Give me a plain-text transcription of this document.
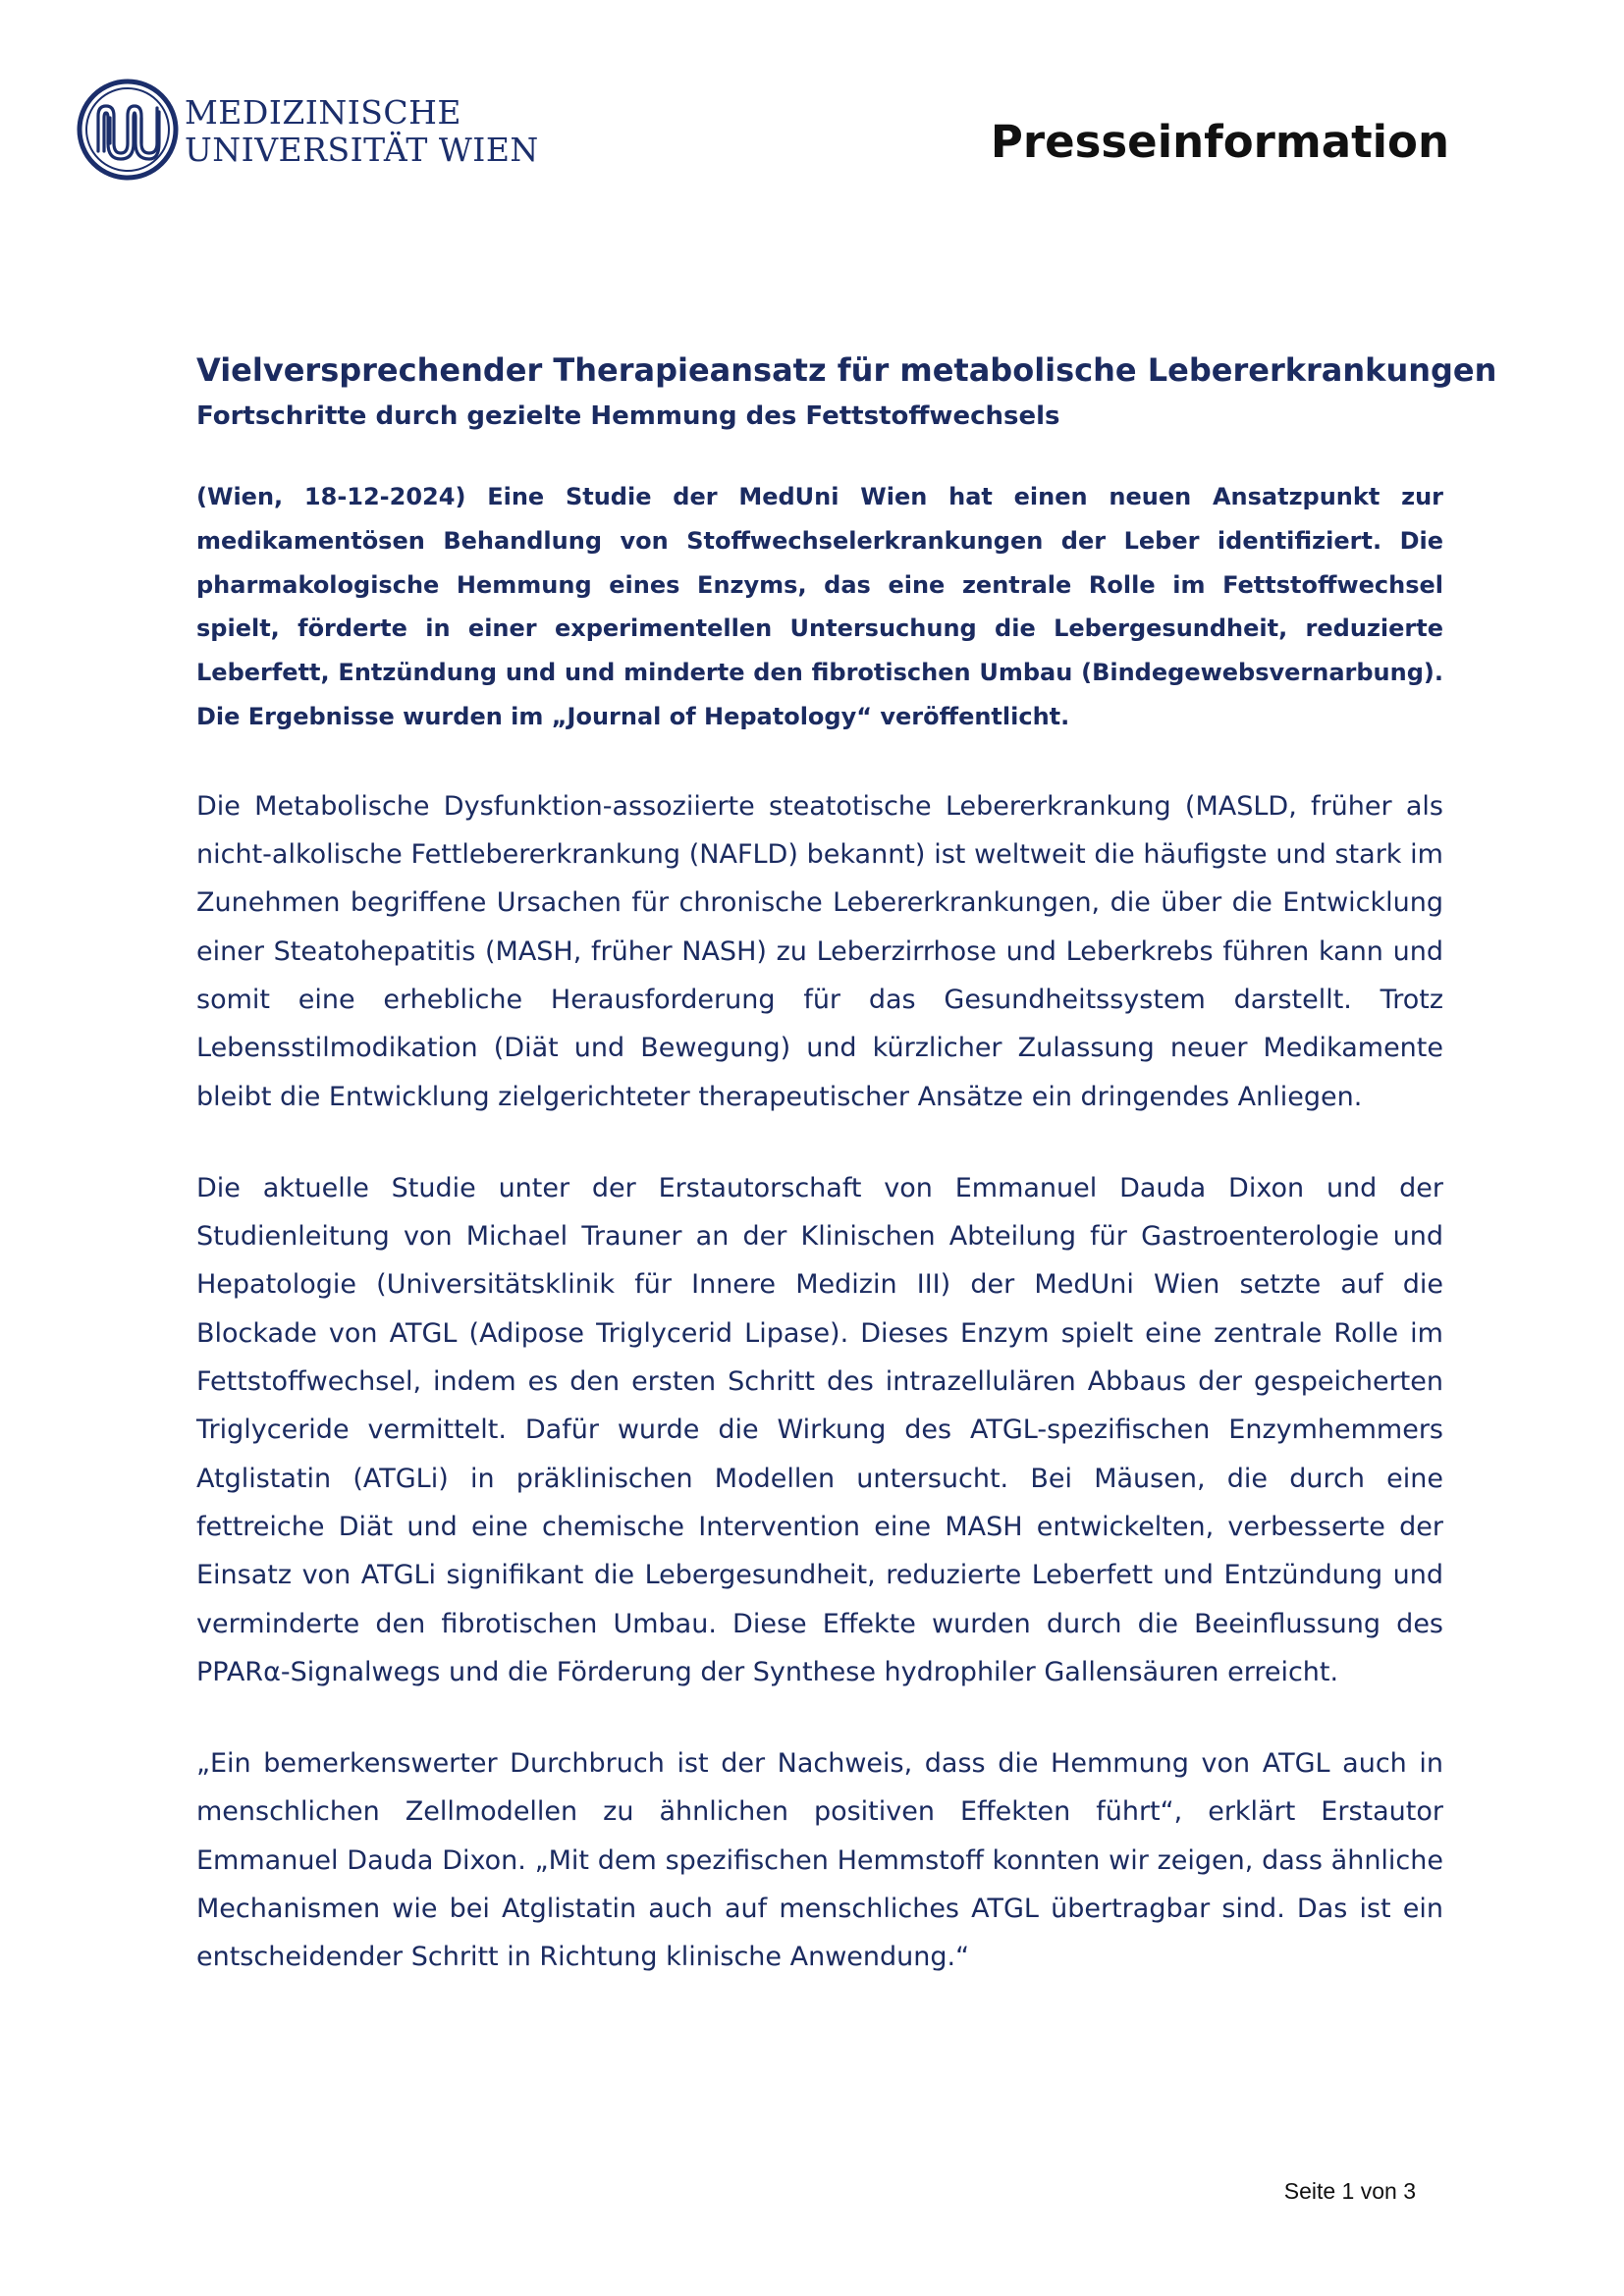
MEDIZINISCHE
UNIVERSITÄT WIEN	Presseinformation
Vielversprechender Therapieansatz für metabolische Lebererkrankungen
Fortschritte durch gezielte Hemmung des Fettstoffwechsels

(Wien, 18-12-2024) Eine Studie der MedUni Wien hat einen neuen Ansatzpunkt zur medikamentösen Behandlung von Stoffwechselerkrankungen der Leber identifiziert. Die pharmakologische Hemmung eines Enzyms, das eine zentrale Rolle im Fettstoffwechsel spielt, förderte in einer experimentellen Untersuchung die Lebergesundheit, reduzierte Leberfett, Entzündung und und minderte den fibrotischen Umbau (Bindegewebsvernarbung). Die Ergebnisse wurden im „Journal of Hepatology“ veröffentlicht.

Die Metabolische Dysfunktion-assoziierte steatotische Lebererkrankung (MASLD, früher als nicht-alkolische Fettlebererkrankung (NAFLD) bekannt) ist weltweit die häufigste und stark im Zunehmen begriffene Ursachen für chronische Lebererkrankungen, die über die Entwicklung einer Steatohepatitis (MASH, früher NASH) zu Leberzirrhose und Leberkrebs führen kann und somit eine erhebliche Herausforderung für das Gesundheitssystem darstellt. Trotz Lebensstilmodikation (Diät und Bewegung) und kürzlicher Zulassung neuer Medikamente bleibt die Entwicklung zielgerichteter therapeutischer Ansätze ein dringendes Anliegen.

Die aktuelle Studie unter der Erstautorschaft von Emmanuel Dauda Dixon und der Studienleitung von Michael Trauner an der Klinischen Abteilung für Gastroenterologie und Hepatologie (Universitätsklinik für Innere Medizin III) der MedUni Wien setzte auf die Blockade von ATGL (Adipose Triglycerid Lipase). Dieses Enzym spielt eine zentrale Rolle im Fettstoffwechsel, indem es den ersten Schritt des intrazellulären Abbaus der gespeicherten Triglyceride vermittelt. Dafür wurde die Wirkung des ATGL-spezifischen Enzymhemmers Atglistatin (ATGLi) in präklinischen Modellen untersucht. Bei Mäusen, die durch eine fettreiche Diät und eine chemische Intervention eine MASH entwickelten, verbesserte der Einsatz von ATGLi signifikant die Lebergesundheit, reduzierte Leberfett und Entzündung und verminderte den fibrotischen Umbau. Diese Effekte wurden durch die Beeinflussung des PPARα-Signalwegs und die Förderung der Synthese hydrophiler Gallensäuren erreicht.

„Ein bemerkenswerter Durchbruch ist der Nachweis, dass die Hemmung von ATGL auch in menschlichen Zellmodellen zu ähnlichen positiven Effekten führt“, erklärt Erstautor Emmanuel Dauda Dixon. „Mit dem spezifischen Hemmstoff konnten wir zeigen, dass ähnliche Mechanismen wie bei Atglistatin auch auf menschliches ATGL übertragbar sind. Das ist ein entscheidender Schritt in Richtung klinische Anwendung.“

Seite 1 von 3
